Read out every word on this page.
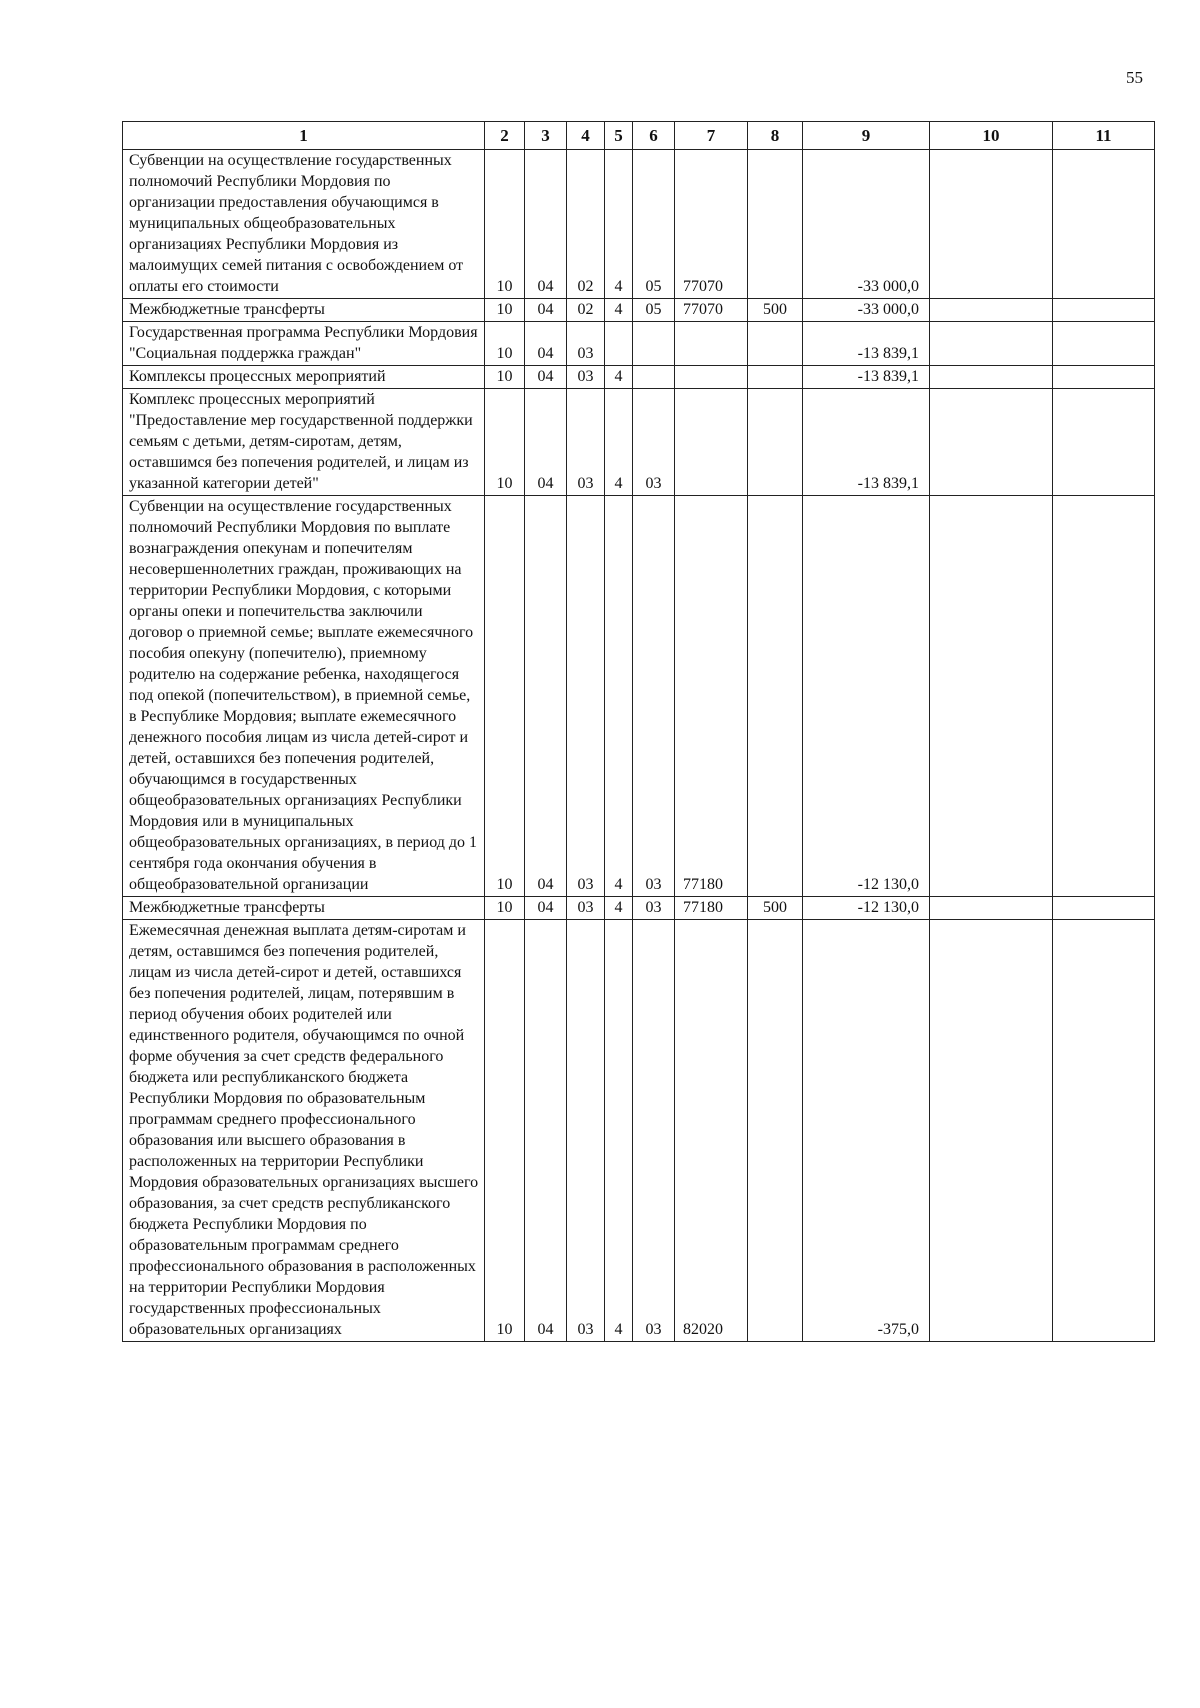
55
1	2	3	4	5	6	7	8	9	10	11
Субвенции на осуществление государственных полномочий Республики Мордовия по организации предоставления обучающимся в муниципальных общеобразовательных организациях Республики Мордовия из малоимущих семей питания с освобождением от оплаты его стоимости	10	04	02	4	05	77070		-33 000,0		
Межбюджетные трансферты	10	04	02	4	05	77070	500	-33 000,0		
Государственная программа Республики Мордовия "Социальная поддержка граждан"	10	04	03					-13 839,1		
Комплексы процессных мероприятий	10	04	03	4				-13 839,1		
Комплекс процессных мероприятий "Предоставление мер государственной поддержки семьям с детьми, детям-сиротам, детям, оставшимся без попечения родителей, и лицам из указанной категории детей"	10	04	03	4	03			-13 839,1		
Субвенции на осуществление государственных полномочий Республики Мордовия по выплате вознаграждения опекунам и попечителям несовершеннолетних граждан, проживающих на территории Республики Мордовия, с которыми органы опеки и попечительства заключили договор о приемной семье; выплате ежемесячного пособия опекуну (попечителю), приемному родителю на содержание ребенка, находящегося под опекой (попечительством), в приемной семье, в Республике Мордовия; выплате ежемесячного денежного пособия лицам из числа детей-сирот и детей, оставшихся без попечения родителей, обучающимся в государственных общеобразовательных организациях Республики Мордовия или в муниципальных общеобразовательных организациях, в период до 1 сентября года окончания обучения в общеобразовательной организации	10	04	03	4	03	77180		-12 130,0		
Межбюджетные трансферты	10	04	03	4	03	77180	500	-12 130,0		
Ежемесячная денежная выплата детям-сиротам и детям, оставшимся без попечения родителей, лицам из числа детей-сирот и детей, оставшихся без попечения родителей, лицам, потерявшим в период обучения обоих родителей или единственного родителя, обучающимся по очной форме обучения за счет средств федерального бюджета или республиканского бюджета Республики Мордовия по образовательным программам среднего профессионального образования или высшего образования в расположенных на территории Республики Мордовия образовательных организациях высшего образования, за счет средств республиканского бюджета Республики Мордовия по образовательным программам среднего профессионального образования в расположенных на территории Республики Мордовия государственных профессиональных образовательных организациях	10	04	03	4	03	82020		-375,0		
